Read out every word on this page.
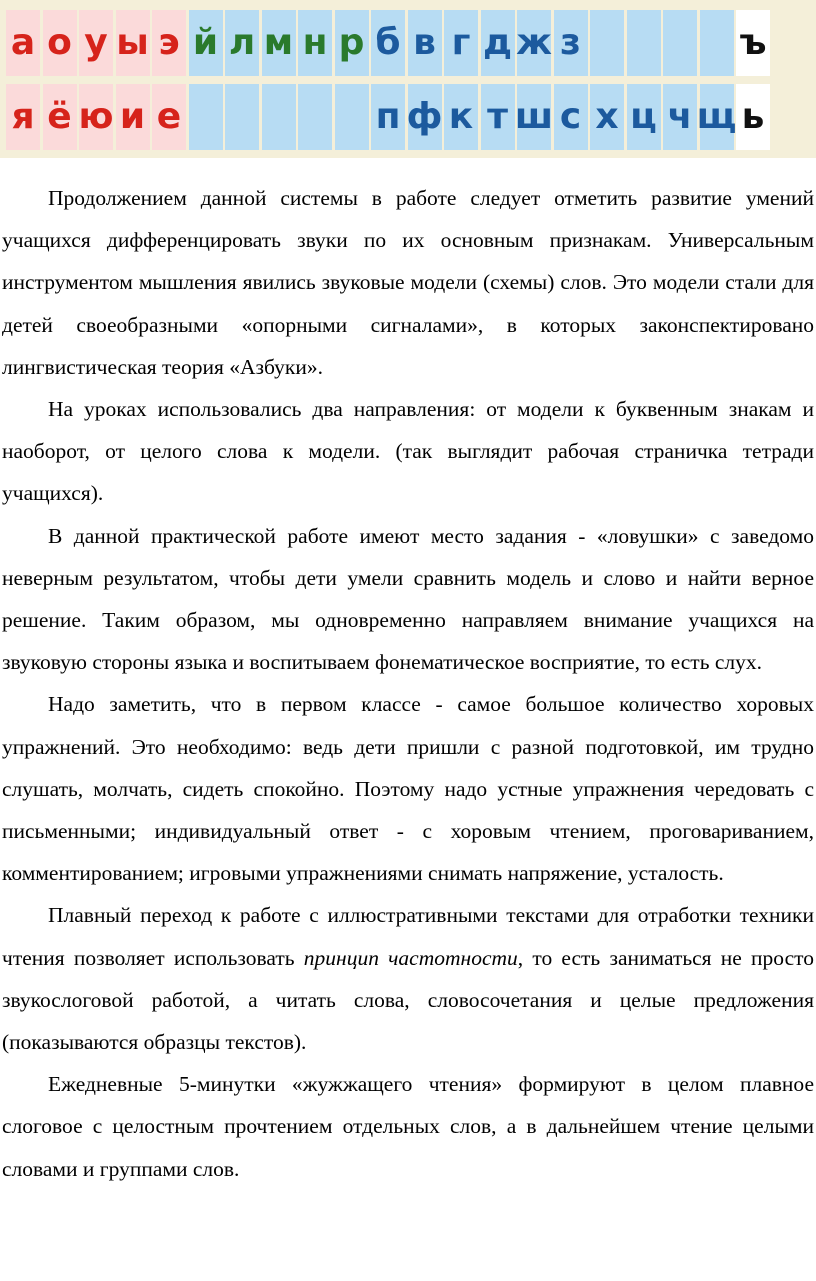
а о у ы э й л м н р б в г д ж з	ъ
я ё ю и е	п ф к т ш с х ц ч щ ь

Продолжением данной системы в работе следует отметить развитие умений учащихся дифференцировать звуки по их основным признакам. Универсальным инструментом мышления явились звуковые модели (схемы) слов. Это модели стали для детей своеобразными «опорными сигналами», в которых законспектировано лингвистическая теория «Азбуки».

На уроках использовались два направления: от модели к буквенным знакам и наоборот, от целого слова к модели. (так выглядит рабочая страничка тетради учащихся).

В данной практической работе имеют место задания - «ловушки» с заведомо неверным результатом, чтобы дети умели сравнить модель и слово и найти верное решение. Таким образом, мы одновременно направляем внимание учащихся на звуковую стороны языка и воспитываем фонематическое восприятие, то есть слух.

Надо заметить, что в первом классе - самое большое количество хоровых упражнений. Это необходимо: ведь дети пришли с разной подготовкой, им трудно слушать, молчать, сидеть спокойно. Поэтому надо устные упражнения чередовать с письменными; индивидуальный ответ - с хоровым чтением, проговариванием, комментированием; игровыми упражнениями снимать напряжение, усталость.

Плавный переход к работе с иллюстративными текстами для отработки техники чтения позволяет использовать принцип частотности, то есть заниматься не просто звукослоговой работой, а читать слова, словосочетания и целые предложения (показываются образцы текстов).

Ежедневные 5-минутки «жужжащего чтения» формируют в целом плавное слоговое с целостным прочтением отдельных слов, а в дальнейшем чтение целыми словами и группами слов.
